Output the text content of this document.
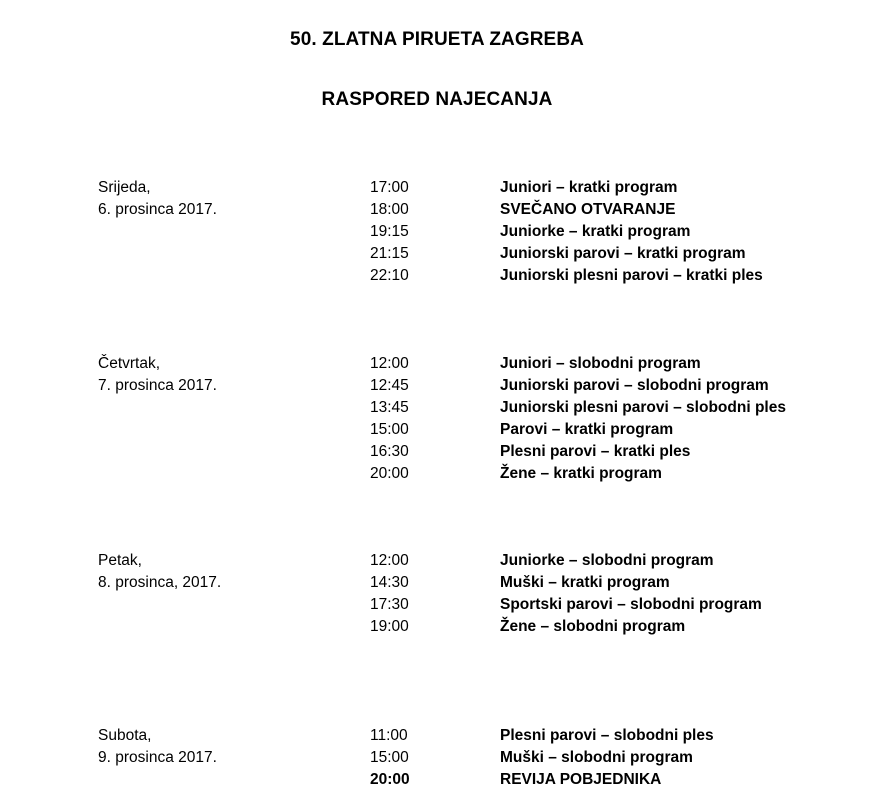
50. ZLATNA PIRUETA ZAGREBA
RASPORED NAJECANJA
Srijeda,	17:00	Juniori – kratki program
6. prosinca 2017.	18:00	SVEČANO OTVARANJE
19:15	Juniorke – kratki program
21:15	Juniorski parovi – kratki program
22:10	Juniorski plesni parovi – kratki ples
Četvrtak,	12:00	Juniori – slobodni program
7. prosinca 2017.	12:45	Juniorski parovi – slobodni program
13:45	Juniorski plesni parovi – slobodni ples
15:00	Parovi – kratki program
16:30	Plesni parovi – kratki ples
20:00	Žene – kratki program
Petak,	12:00	Juniorke – slobodni program
8. prosinca, 2017.	14:30	Muški – kratki program
17:30	Sportski parovi – slobodni program
19:00	Žene – slobodni program
Subota,	11:00	Plesni parovi – slobodni ples
9. prosinca 2017.	15:00	Muški – slobodni program
20:00	REVIJA POBJEDNIKA
